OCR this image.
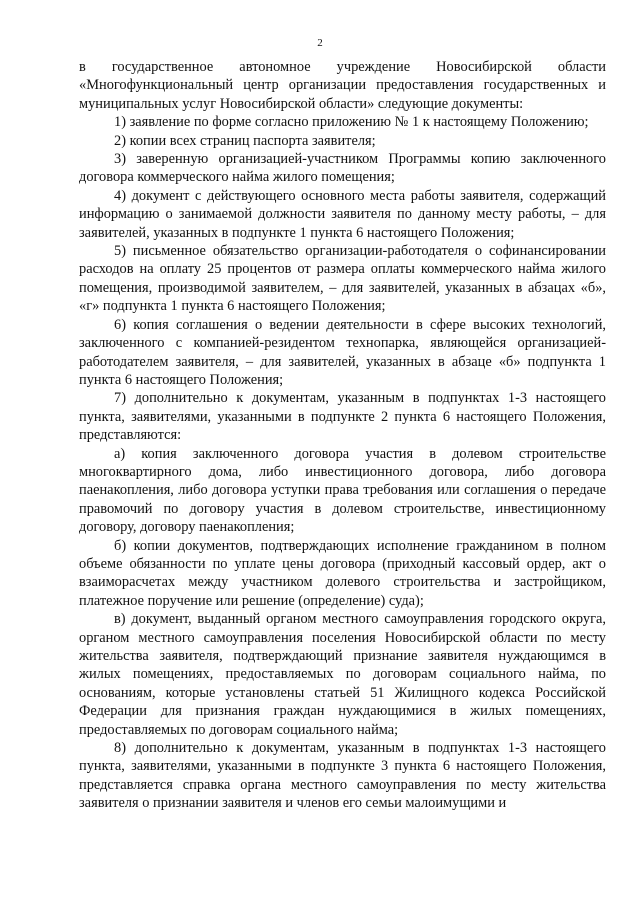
2

в государственное автономное учреждение Новосибирской области «Многофункциональный центр организации предоставления государственных и муниципальных услуг Новосибирской области» следующие документы:

1) заявление по форме согласно приложению № 1 к настоящему Положению;

2) копии всех страниц паспорта заявителя;

3) заверенную организацией-участником Программы копию заключенного договора коммерческого найма жилого помещения;

4) документ с действующего основного места работы заявителя, содержащий информацию о занимаемой должности заявителя по данному месту работы, – для заявителей, указанных в подпункте 1 пункта 6 настоящего Положения;

5) письменное обязательство организации-работодателя о софинансировании расходов на оплату 25 процентов от размера оплаты коммерческого найма жилого помещения, производимой заявителем, – для заявителей, указанных в абзацах «б», «г» подпункта 1 пункта 6 настоящего Положения;

6) копия соглашения о ведении деятельности в сфере высоких технологий, заключенного с компанией-резидентом технопарка, являющейся организацией-работодателем заявителя, – для заявителей, указанных в абзаце «б» подпункта 1 пункта 6 настоящего Положения;

7) дополнительно к документам, указанным в подпунктах 1-3 настоящего пункта, заявителями, указанными в подпункте 2 пункта 6 настоящего Положения, представляются:

а) копия заключенного договора участия в долевом строительстве многоквартирного дома, либо инвестиционного договора, либо договора паенакопления, либо договора уступки права требования или соглашения о передаче правомочий по договору участия в долевом строительстве, инвестиционному договору, договору паенакопления;

б) копии документов, подтверждающих исполнение гражданином в полном объеме обязанности по уплате цены договора (приходный кассовый ордер, акт о взаиморасчетах между участником долевого строительства и застройщиком, платежное поручение или решение (определение) суда);

в) документ, выданный органом местного самоуправления городского округа, органом местного самоуправления поселения Новосибирской области по месту жительства заявителя, подтверждающий признание заявителя нуждающимся в жилых помещениях, предоставляемых по договорам социального найма, по основаниям, которые установлены статьей 51 Жилищного кодекса Российской Федерации для признания граждан нуждающимися в жилых помещениях, предоставляемых по договорам социального найма;

8) дополнительно к документам, указанным в подпунктах 1-3 настоящего пункта, заявителями, указанными в подпункте 3 пункта 6 настоящего Положения, представляется справка органа местного самоуправления по месту жительства заявителя о признании заявителя и членов его семьи малоимущими и
